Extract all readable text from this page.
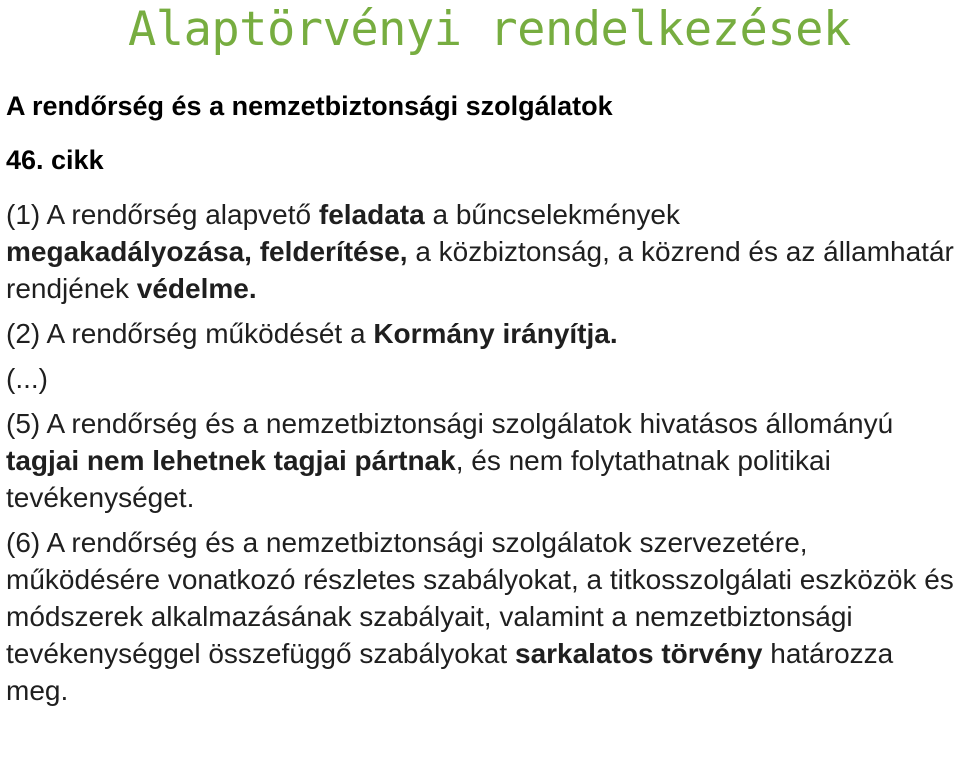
Alaptörvényi rendelkezések

A rendőrség és a nemzetbiztonsági szolgálatok

46. cikk

(1) A rendőrség alapvető feladata a bűncselekmények
megakadályozása, felderítése, a közbiztonság, a közrend és az államhatár rendjének védelme.

(2) A rendőrség működését a Kormány irányítja.

(...)

(5) A rendőrség és a nemzetbiztonsági szolgálatok hivatásos állományú tagjai nem lehetnek tagjai pártnak, és nem folytathatnak politikai tevékenységet.

(6) A rendőrség és a nemzetbiztonsági szolgálatok szervezetére, működésére vonatkozó részletes szabályokat, a titkosszolgálati eszközök és módszerek alkalmazásának szabályait, valamint a nemzetbiztonsági tevékenységgel összefüggő szabályokat sarkalatos törvény határozza meg.
